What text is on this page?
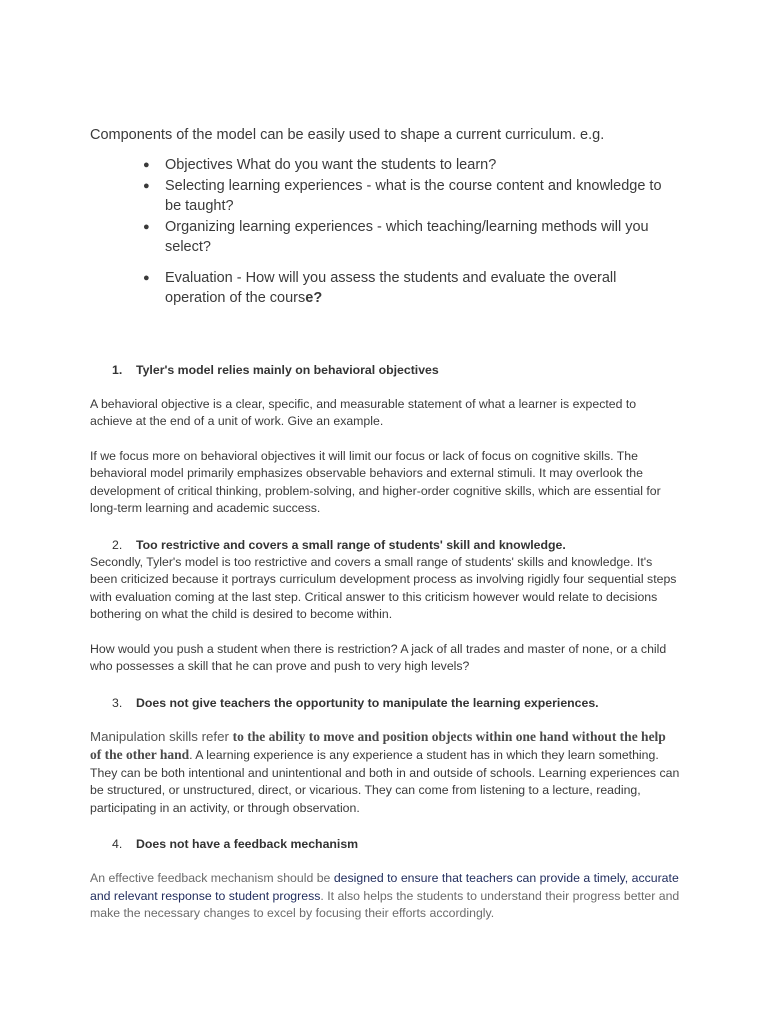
Components of the model can be easily used to shape a current curriculum. e.g.

● Objectives What do you want the students to learn?
● Selecting learning experiences - what is the course content and knowledge to be taught?
● Organizing learning experiences - which teaching/learning methods will you select?
● Evaluation - How will you assess the students and evaluate the overall operation of the course?
1. Tyler's model relies mainly on behavioral objectives

A behavioral objective is a clear, specific, and measurable statement of what a learner is expected to achieve at the end of a unit of work. Give an example.

If we focus more on behavioral objectives it will limit our focus or lack of focus on cognitive skills. The behavioral model primarily emphasizes observable behaviors and external stimuli. It may overlook the development of critical thinking, problem-solving, and higher-order cognitive skills, which are essential for long-term learning and academic success.

2. Too restrictive and covers a small range of students' skill and knowledge.

Secondly, Tyler's model is too restrictive and covers a small range of students' skills and knowledge. It's been criticized because it portrays curriculum development process as involving rigidly four sequential steps with evaluation coming at the last step. Critical answer to this criticism however would relate to decisions bothering on what the child is desired to become within.

How would you push a student when there is restriction? A jack of all trades and master of none, or a child who possesses a skill that he can prove and push to very high levels?

3. Does not give teachers the opportunity to manipulate the learning experiences.

Manipulation skills refer to the ability to move and position objects within one hand without the help of the other hand. A learning experience is any experience a student has in which they learn something. They can be both intentional and unintentional and both in and outside of schools. Learning experiences can be structured, or unstructured, direct, or vicarious. They can come from listening to a lecture, reading, participating in an activity, or through observation.

4. Does not have a feedback mechanism

An effective feedback mechanism should be designed to ensure that teachers can provide a timely, accurate and relevant response to student progress. It also helps the students to understand their progress better and make the necessary changes to excel by focusing their efforts accordingly.
